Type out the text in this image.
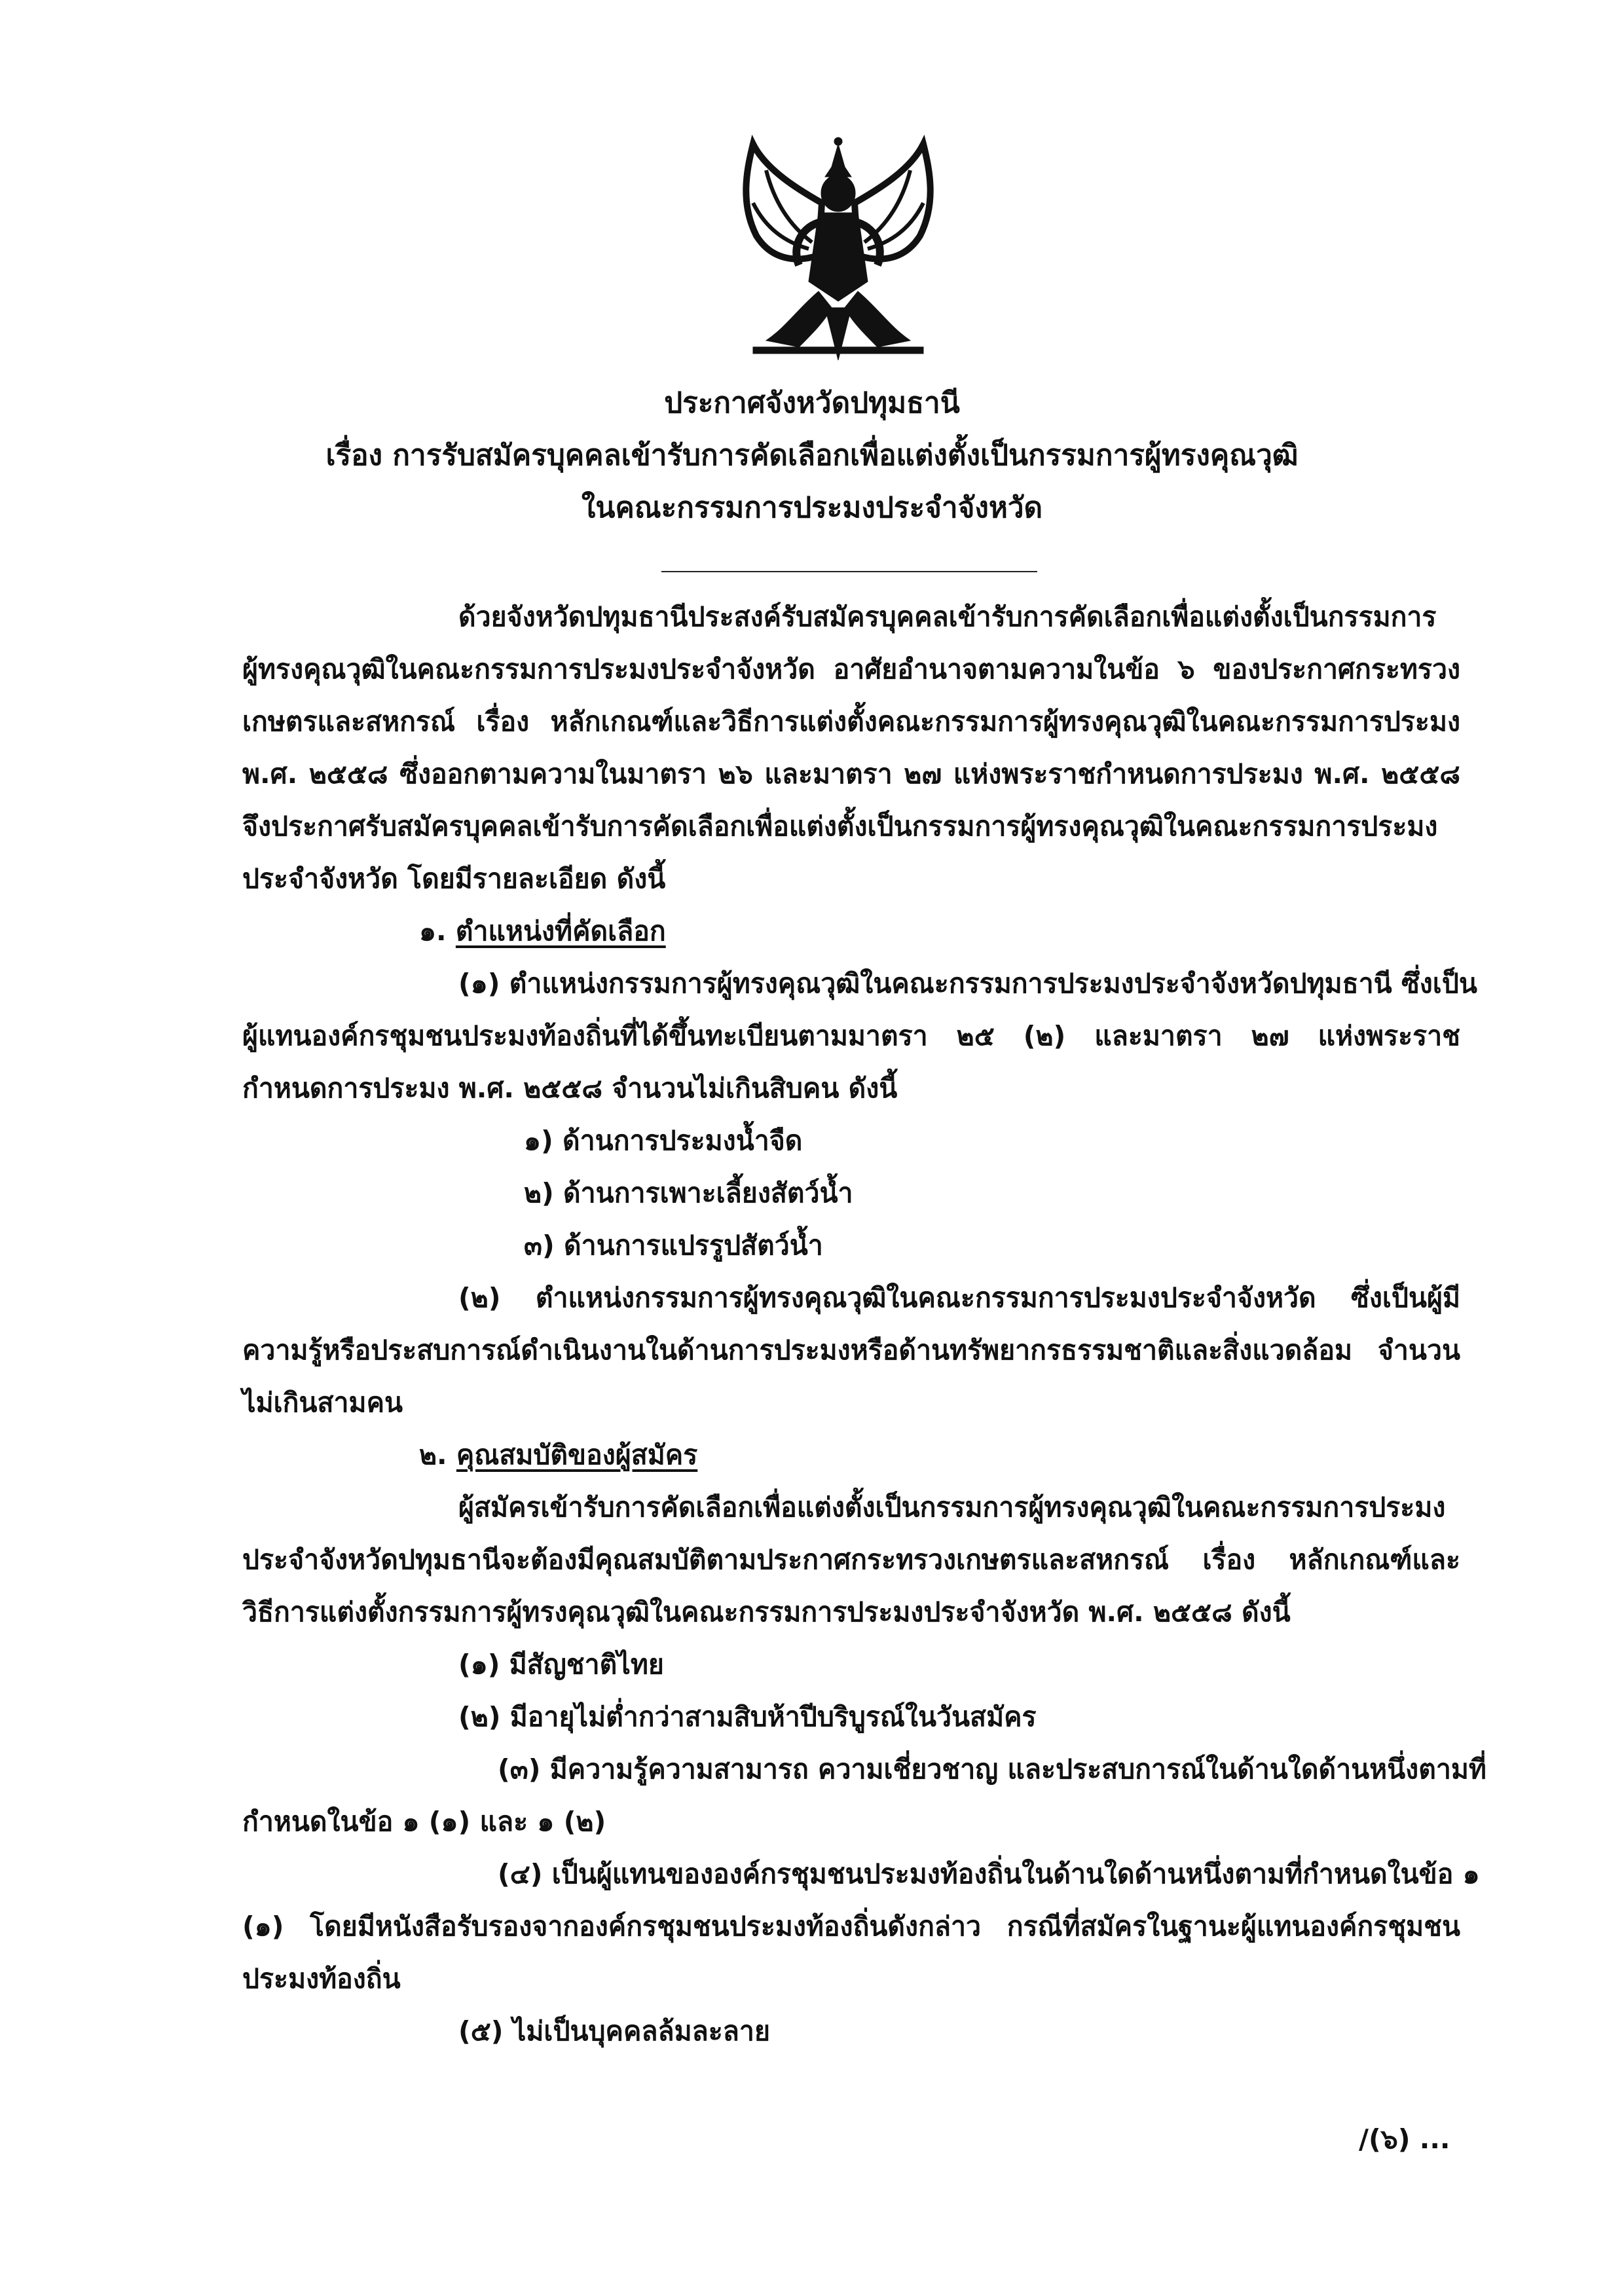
ประกาศจังหวัดปทุมธานี
เรื่อง การรับสมัครบุคคลเข้ารับการคัดเลือกเพื่อแต่งตั้งเป็นกรรมการผู้ทรงคุณวุฒิ
ในคณะกรรมการประมงประจำจังหวัด
ด้วยจังหวัดปทุมธานีประสงค์รับสมัครบุคคลเข้ารับการคัดเลือกเพื่อแต่งตั้งเป็นกรรมการ
ผู้ทรงคุณวุฒิในคณะกรรมการประมงประจำจังหวัด อาศัยอำนาจตามความในข้อ ๖ ของประกาศกระทรวง
เกษตรและสหกรณ์ เรื่อง หลักเกณฑ์และวิธีการแต่งตั้งคณะกรรมการผู้ทรงคุณวุฒิในคณะกรรมการประมง
พ.ศ. ๒๕๕๘ ซึ่งออกตามความในมาตรา ๒๖ และมาตรา ๒๗ แห่งพระราชกำหนดการประมง พ.ศ. ๒๕๕๘
จึงประกาศรับสมัครบุคคลเข้ารับการคัดเลือกเพื่อแต่งตั้งเป็นกรรมการผู้ทรงคุณวุฒิในคณะกรรมการประมง
ประจำจังหวัด โดยมีรายละเอียด ดังนี้
๑. ตำแหน่งที่คัดเลือก
(๑) ตำแหน่งกรรมการผู้ทรงคุณวุฒิในคณะกรรมการประมงประจำจังหวัดปทุมธานี ซึ่งเป็น
ผู้แทนองค์กรชุมชนประมงท้องถิ่นที่ได้ขึ้นทะเบียนตามมาตรา ๒๕ (๒) และมาตรา ๒๗ แห่งพระราช
กำหนดการประมง พ.ศ. ๒๕๕๘ จำนวนไม่เกินสิบคน ดังนี้
๑) ด้านการประมงน้ำจืด
๒) ด้านการเพาะเลี้ยงสัตว์น้ำ
๓) ด้านการแปรรูปสัตว์น้ำ
(๒) ตำแหน่งกรรมการผู้ทรงคุณวุฒิในคณะกรรมการประมงประจำจังหวัด ซึ่งเป็นผู้มี
ความรู้หรือประสบการณ์ดำเนินงานในด้านการประมงหรือด้านทรัพยากรธรรมชาติและสิ่งแวดล้อม จำนวน
ไม่เกินสามคน
๒. คุณสมบัติของผู้สมัคร
ผู้สมัครเข้ารับการคัดเลือกเพื่อแต่งตั้งเป็นกรรมการผู้ทรงคุณวุฒิในคณะกรรมการประมง
ประจำจังหวัดปทุมธานีจะต้องมีคุณสมบัติตามประกาศกระทรวงเกษตรและสหกรณ์ เรื่อง หลักเกณฑ์และ
วิธีการแต่งตั้งกรรมการผู้ทรงคุณวุฒิในคณะกรรมการประมงประจำจังหวัด พ.ศ. ๒๕๕๘ ดังนี้
(๑) มีสัญชาติไทย
(๒) มีอายุไม่ต่ำกว่าสามสิบห้าปีบริบูรณ์ในวันสมัคร
(๓) มีความรู้ความสามารถ ความเชี่ยวชาญ และประสบการณ์ในด้านใดด้านหนึ่งตามที่
กำหนดในข้อ ๑ (๑) และ ๑ (๒)
(๔) เป็นผู้แทนขององค์กรชุมชนประมงท้องถิ่นในด้านใดด้านหนึ่งตามที่กำหนดในข้อ ๑
(๑) โดยมีหนังสือรับรองจากองค์กรชุมชนประมงท้องถิ่นดังกล่าว กรณีที่สมัครในฐานะผู้แทนองค์กรชุมชน
ประมงท้องถิ่น
(๕) ไม่เป็นบุคคลล้มละลาย
/(๖) ...
